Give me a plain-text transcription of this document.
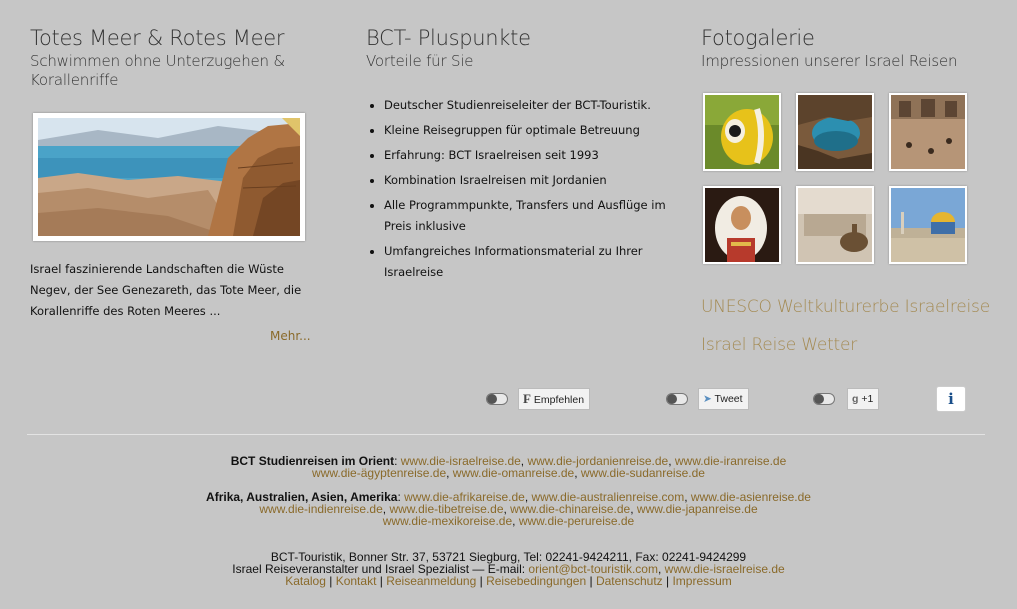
Totes Meer & Rotes Meer
Schwimmen ohne Unterzugehen & Korallenriffe
Israel faszinierende Landschaften die Wüste Negev, der See Genezareth, das Tote Meer, die Korallenriffe des Roten Meeres ...
Mehr...
BCT- Pluspunkte
Vorteile für Sie
• Deutscher Studienreiseleiter der BCT-Touristik.
• Kleine Reisegruppen für optimale Betreuung
• Erfahrung: BCT Israelreisen seit 1993
• Kombination Israelreisen mit Jordanien
• Alle Programmpunkte, Transfers und Ausflüge im Preis inklusive
• Umfangreiches Informationsmaterial zu Ihrer Israelreise
Fotogalerie
Impressionen unserer Israel Reisen
UNESCO Weltkulturerbe Israelreise
Israel Reise Wetter
F Empfehlen	➤ Tweet	g +1	i
BCT Studienreisen im Orient: www.die-israelreise.de, www.die-jordanienreise.de, www.die-iranreise.de
www.die-ägyptenreise.de, www.die-omanreise.de, www.die-sudanreise.de
Afrika, Australien, Asien, Amerika: www.die-afrikareise.de, www.die-australienreise.com, www.die-asienreise.de
www.die-indienreise.de, www.die-tibetreise.de, www.die-chinareise.de, www.die-japanreise.de
www.die-mexikoreise.de, www.die-perureise.de
BCT-Touristik, Bonner Str. 37, 53721 Siegburg, Tel: 02241-9424211, Fax: 02241-9424299
Israel Reiseveranstalter und Israel Spezialist — E-mail: orient@bct-touristik.com, www.die-israelreise.de
Katalog | Kontakt | Reiseanmeldung | Reisebedingungen | Datenschutz | Impressum
